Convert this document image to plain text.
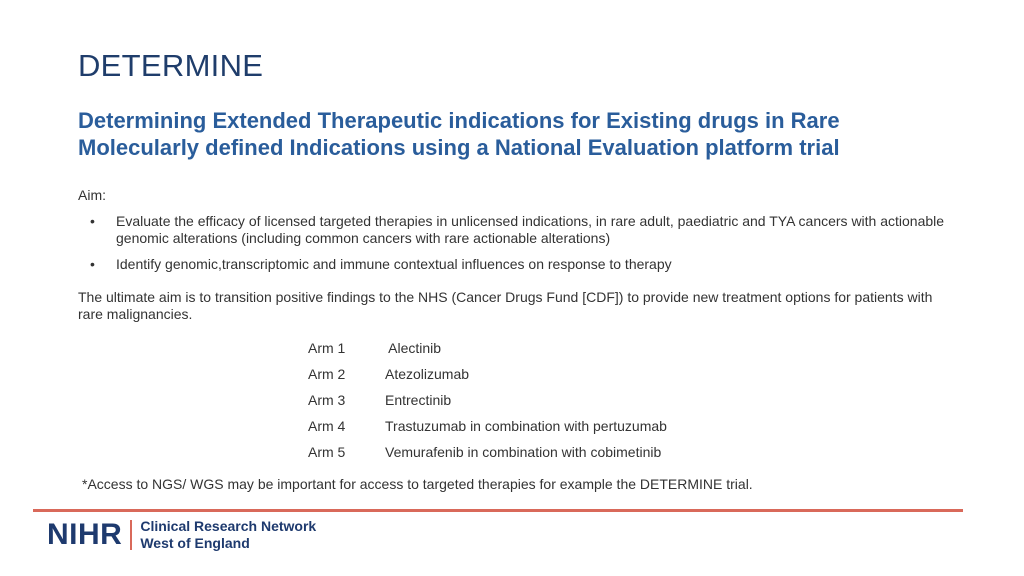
DETERMINE
Determining Extended Therapeutic indications for Existing drugs in Rare Molecularly defined Indications using a National Evaluation platform trial
Aim:
• Evaluate the efficacy of licensed targeted therapies in unlicensed indications, in rare adult, paediatric and TYA cancers with actionable genomic alterations (including common cancers with rare actionable alterations)
• Identify genomic,transcriptomic and immune contextual influences on response to therapy
The ultimate aim is to transition positive findings to the NHS (Cancer Drugs Fund [CDF]) to provide new treatment options for patients with rare malignancies.
Arm 1	Alectinib
Arm 2	Atezolizumab
Arm 3	Entrectinib
Arm 4	Trastuzumab in combination with pertuzumab
Arm 5	Vemurafenib in combination with cobimetinib
*Access to NGS/ WGS may be important for access to targeted therapies for example the DETERMINE trial.
NIHR Clinical Research Network
West of England
